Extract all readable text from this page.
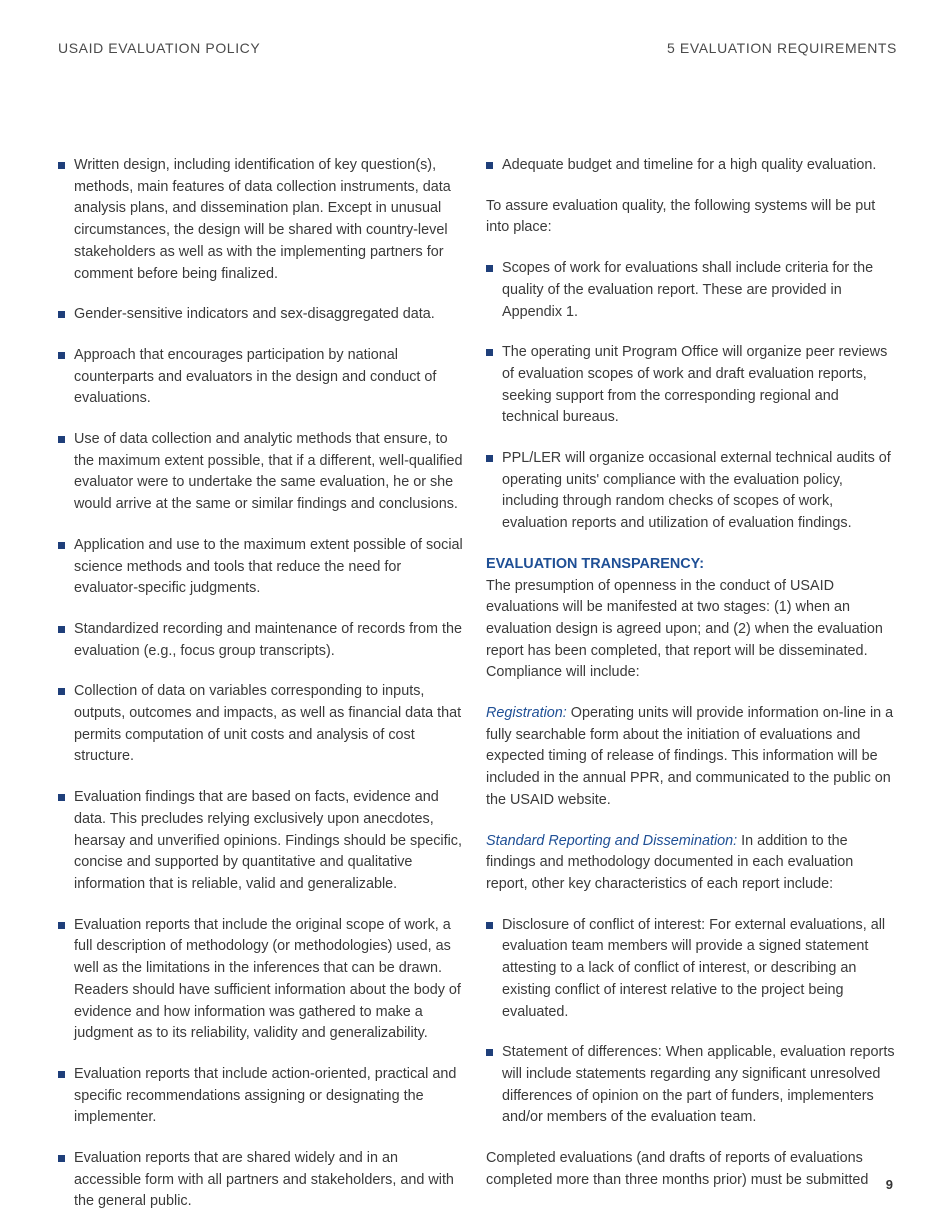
USAID EVALUATION POLICY	5 EVALUATION REQUIREMENTS
Written design, including identification of key question(s), methods, main features of data collection instruments, data analysis plans, and dissemination plan. Except in unusual circumstances, the design will be shared with country-level stakeholders as well as with the implementing partners for comment before being finalized.
Gender-sensitive indicators and sex-disaggregated data.
Approach that encourages participation by national counterparts and evaluators in the design and conduct of evaluations.
Use of data collection and analytic methods that ensure, to the maximum extent possible, that if a different, well-qualified evaluator were to undertake the same evaluation, he or she would arrive at the same or similar findings and conclusions.
Application and use to the maximum extent possible of social science methods and tools that reduce the need for evaluator-specific judgments.
Standardized recording and maintenance of records from the evaluation (e.g., focus group transcripts).
Collection of data on variables corresponding to inputs, outputs, outcomes and impacts, as well as financial data that permits computation of unit costs and analysis of cost structure.
Evaluation findings that are based on facts, evidence and data. This precludes relying exclusively upon anecdotes, hearsay and unverified opinions. Findings should be specific, concise and supported by quantitative and qualitative information that is reliable, valid and generalizable.
Evaluation reports that include the original scope of work, a full description of methodology (or methodologies) used, as well as the limitations in the inferences that can be drawn. Readers should have sufficient information about the body of evidence and how information was gathered to make a judgment as to its reliability, validity and generalizability.
Evaluation reports that include action-oriented, practical and specific recommendations assigning or designating the implementer.
Evaluation reports that are shared widely and in an accessible form with all partners and stakeholders, and with the general public.
Adequate budget and timeline for a high quality evaluation.

To assure evaluation quality, the following systems will be put into place:

Scopes of work for evaluations shall include criteria for the quality of the evaluation report. These are provided in Appendix 1.
The operating unit Program Office will organize peer reviews of evaluation scopes of work and draft evaluation reports, seeking support from the corresponding regional and technical bureaus.
PPL/LER will organize occasional external technical audits of operating units' compliance with the evaluation policy, including through random checks of scopes of work, evaluation reports and utilization of evaluation findings.
EVALUATION TRANSPARENCY:

The presumption of openness in the conduct of USAID evaluations will be manifested at two stages: (1) when an evaluation design is agreed upon; and (2) when the evaluation report has been completed, that report will be disseminated. Compliance will include:

Registration: Operating units will provide information on-line in a fully searchable form about the initiation of evaluations and expected timing of release of findings. This information will be included in the annual PPR, and communicated to the public on the USAID website.

Standard Reporting and Dissemination: In addition to the findings and methodology documented in each evaluation report, other key characteristics of each report include:

Disclosure of conflict of interest: For external evaluations, all evaluation team members will provide a signed statement attesting to a lack of conflict of interest, or describing an existing conflict of interest relative to the project being evaluated.
Statement of differences: When applicable, evaluation reports will include statements regarding any significant unresolved differences of opinion on the part of funders, implementers and/or members of the evaluation team.

Completed evaluations (and drafts of reports of evaluations completed more than three months prior) must be submitted	9
